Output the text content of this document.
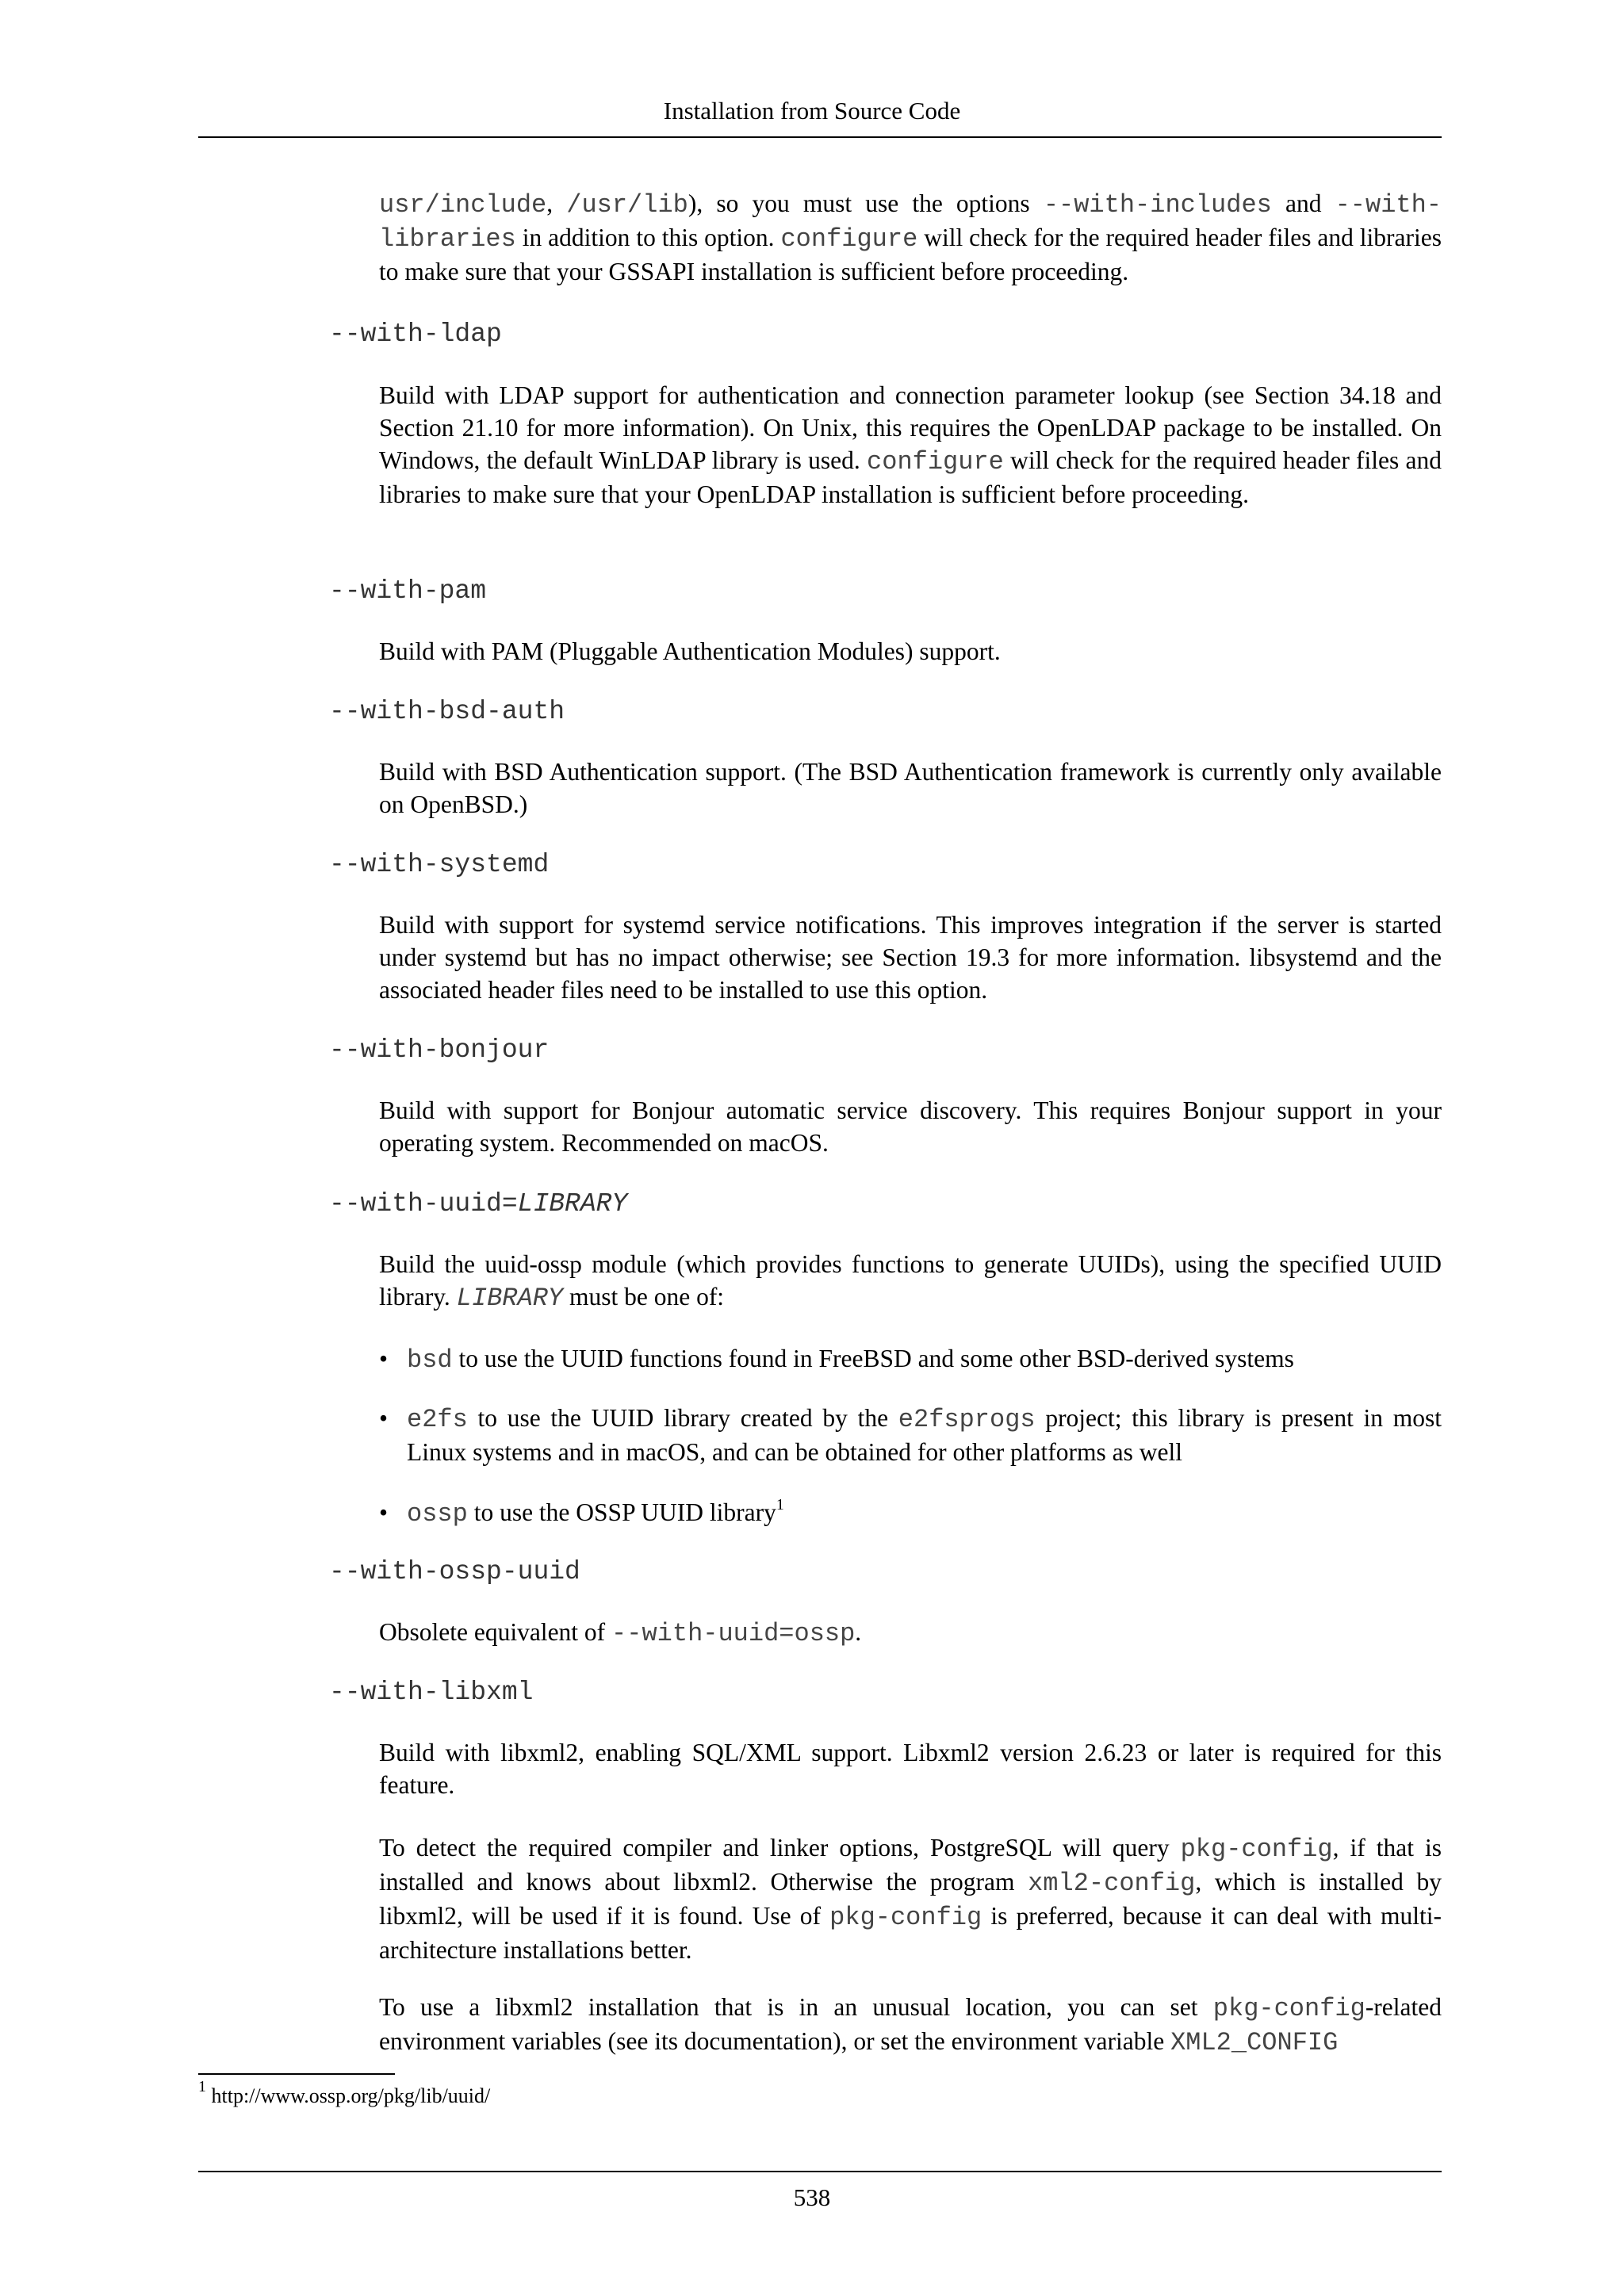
Installation from Source Code
usr/include, /usr/lib), so you must use the options --with-includes and --with-libraries in addition to this option. configure will check for the required header files and libraries to make sure that your GSSAPI installation is sufficient before proceeding.
--with-ldap
Build with LDAP support for authentication and connection parameter lookup (see Section 34.18 and Section 21.10 for more information). On Unix, this requires the OpenLDAP package to be installed. On Windows, the default WinLDAP library is used. configure will check for the required header files and libraries to make sure that your OpenLDAP installation is sufficient before proceeding.
--with-pam
Build with PAM (Pluggable Authentication Modules) support.
--with-bsd-auth
Build with BSD Authentication support. (The BSD Authentication framework is currently only available on OpenBSD.)
--with-systemd
Build with support for systemd service notifications. This improves integration if the server is started under systemd but has no impact otherwise; see Section 19.3 for more information. libsystemd and the associated header files need to be installed to use this option.
--with-bonjour
Build with support for Bonjour automatic service discovery. This requires Bonjour support in your operating system. Recommended on macOS.
--with-uuid=LIBRARY
Build the uuid-ossp module (which provides functions to generate UUIDs), using the specified UUID library. LIBRARY must be one of:
• bsd to use the UUID functions found in FreeBSD and some other BSD-derived systems
• e2fs to use the UUID library created by the e2fsprogs project; this library is present in most Linux systems and in macOS, and can be obtained for other platforms as well
• ossp to use the OSSP UUID library$^1$
--with-ossp-uuid
Obsolete equivalent of --with-uuid=ossp.
--with-libxml
Build with libxml2, enabling SQL/XML support. Libxml2 version 2.6.23 or later is required for this feature.
To detect the required compiler and linker options, PostgreSQL will query pkg-config, if that is installed and knows about libxml2. Otherwise the program xml2-config, which is installed by libxml2, will be used if it is found. Use of pkg-config is preferred, because it can deal with multi-architecture installations better.
To use a libxml2 installation that is in an unusual location, you can set pkg-config-related environment variables (see its documentation), or set the environment variable XML2_CONFIG
$^1$ http://www.ossp.org/pkg/lib/uuid/
538
